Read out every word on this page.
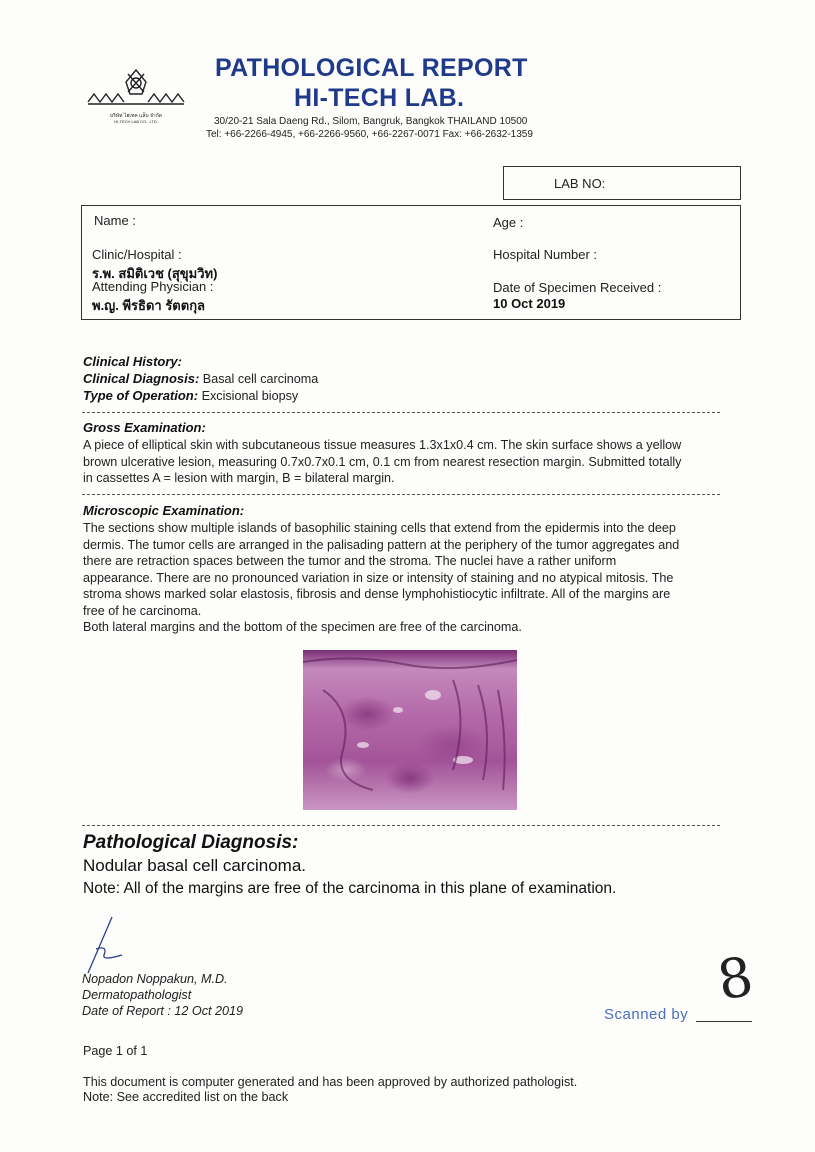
บริษัท ไฮเทค แล็บ จำกัด
HI-TECH LAB CO., LTD.
PATHOLOGICAL REPORT
HI-TECH LAB.
30/20-21 Sala Daeng Rd., Silom, Bangruk, Bangkok THAILAND 10500
Tel: +66-2266-4945, +66-2266-9560, +66-2267-0071 Fax: +66-2632-1359
LAB NO:
Name :	Age :
Clinic/Hospital :
ร.พ. สมิติเวช (สุขุมวิท)
Hospital Number :
Attending Physician :
พ.ญ. พีรธิดา รัตตกุล
Date of Specimen Received :
10 Oct 2019
Clinical History:
Clinical Diagnosis: Basal cell carcinoma
Type of Operation: Excisional biopsy
Gross Examination:
A piece of elliptical skin with subcutaneous tissue measures 1.3x1x0.4 cm. The skin surface shows a yellow
brown ulcerative lesion, measuring 0.7x0.7x0.1 cm, 0.1 cm from nearest resection margin. Submitted totally
in cassettes A = lesion with margin, B = bilateral margin.
Microscopic Examination:
The sections show multiple islands of basophilic staining cells that extend from the epidermis into the deep
dermis. The tumor cells are arranged in the palisading pattern at the periphery of the tumor aggregates and
there are retraction spaces between the tumor and the stroma. The nuclei have a rather uniform
appearance. There are no pronounced variation in size or intensity of staining and no atypical mitosis. The
stroma shows marked solar elastosis, fibrosis and dense lymphohistiocytic infiltrate. All of the margins are
free of he carcinoma.
Both lateral margins and the bottom of the specimen are free of the carcinoma.
Pathological Diagnosis:
Nodular basal cell carcinoma.
Note: All of the margins are free of the carcinoma in this plane of examination.
Nopadon Noppakun, M.D.
Dermatopathologist
Date of Report : 12 Oct 2019	8
Scanned by
Page 1 of 1
This document is computer generated and has been approved by authorized pathologist.
Note: See accredited list on the back
